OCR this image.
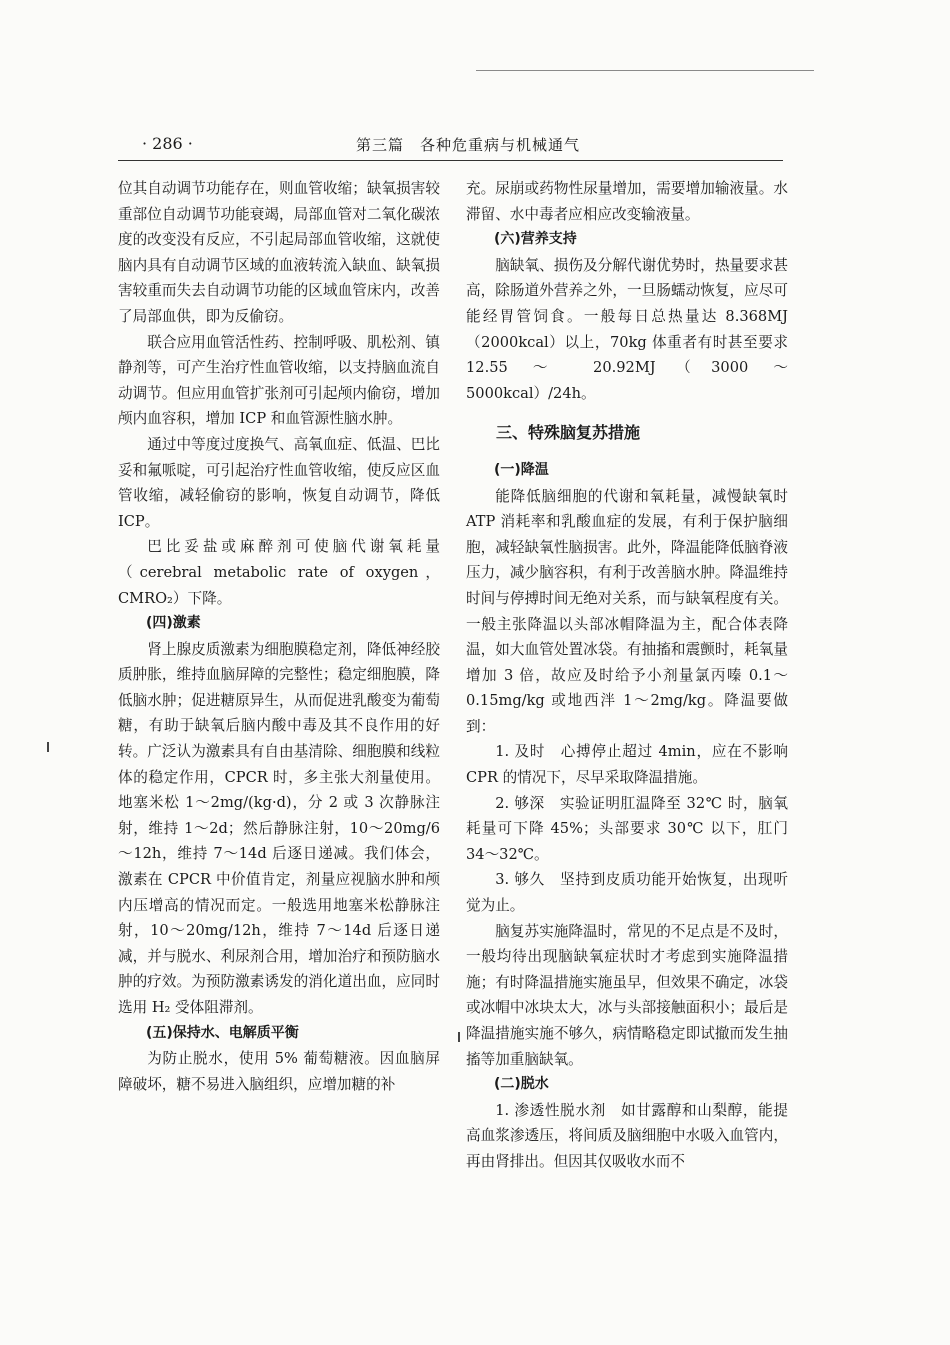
· 286 ·	第三篇　各种危重病与机械通气

位其自动调节功能存在，则血管收缩；缺氧损害较重部位自动调节功能衰竭，局部血管对二氧化碳浓度的改变没有反应，不引起局部血管收缩，这就使脑内具有自动调节区域的血液转流入缺血、缺氧损害较重而失去自动调节功能的区域血管床内，改善了局部血供，即为反偷窃。

联合应用血管活性药、控制呼吸、肌松剂、镇静剂等，可产生治疗性血管收缩，以支持脑血流自动调节。但应用血管扩张剂可引起颅内偷窃，增加颅内血容积，增加 ICP 和血管源性脑水肿。

通过中等度过度换气、高氧血症、低温、巴比妥和氟哌啶，可引起治疗性血管收缩，使反应区血管收缩，减轻偷窃的影响，恢复自动调节，降低 ICP。

巴比妥盐或麻醉剂可使脑代谢氧耗量（cerebral metabolic rate of oxygen，CMRO₂）下降。

(四)激素

肾上腺皮质激素为细胞膜稳定剂，降低神经胶质肿胀，维持血脑屏障的完整性；稳定细胞膜，降低脑水肿；促进糖原异生，从而促进乳酸变为葡萄糖，有助于缺氧后脑内酸中毒及其不良作用的好转。广泛认为激素具有自由基清除、细胞膜和线粒体的稳定作用，CPCR 时，多主张大剂量使用。地塞米松 1～2mg/(kg·d)，分 2 或 3 次静脉注射，维持 1～2d；然后静脉注射，10～20mg/6～12h，维持 7～14d 后逐日递减。我们体会，激素在 CPCR 中价值肯定，剂量应视脑水肿和颅内压增高的情况而定。一般选用地塞米松静脉注射，10～20mg/12h，维持 7～14d 后逐日递减，并与脱水、利尿剂合用，增加治疗和预防脑水肿的疗效。为预防激素诱发的消化道出血，应同时选用 H₂ 受体阻滞剂。

(五)保持水、电解质平衡

为防止脱水，使用 5% 葡萄糖液。因血脑屏障破坏，糖不易进入脑组织，应增加糖的补

充。尿崩或药物性尿量增加，需要增加输液量。水滞留、水中毒者应相应改变输液量。

(六)营养支持

脑缺氧、损伤及分解代谢优势时，热量要求甚高，除肠道外营养之外，一旦肠蠕动恢复，应尽可能经胃管饲食。一般每日总热量达 8.368MJ（2000kcal）以上，70kg 体重者有时甚至要求 12.55 ～ 20.92MJ（3000 ～ 5000kcal）/24h。

三、特殊脑复苏措施
(一)降温

能降低脑细胞的代谢和氧耗量，减慢缺氧时 ATP 消耗率和乳酸血症的发展，有利于保护脑细胞，减轻缺氧性脑损害。此外，降温能降低脑脊液压力，减少脑容积，有利于改善脑水肿。降温维持时间与停搏时间无绝对关系，而与缺氧程度有关。一般主张降温以头部冰帽降温为主，配合体表降温，如大血管处置冰袋。有抽搐和震颤时，耗氧量增加 3 倍，故应及时给予小剂量氯丙嗪 0.1～0.15mg/kg 或地西泮 1～2mg/kg。降温要做到：

1. 及时　心搏停止超过 4min，应在不影响 CPR 的情况下，尽早采取降温措施。

2. 够深　实验证明肛温降至 32℃ 时，脑氧耗量可下降 45%；头部要求 30℃ 以下，肛门 34～32℃。

3. 够久　坚持到皮质功能开始恢复，出现听觉为止。

脑复苏实施降温时，常见的不足点是不及时，一般均待出现脑缺氧症状时才考虑到实施降温措施；有时降温措施实施虽早，但效果不确定，冰袋或冰帽中冰块太大，冰与头部接触面积小；最后是降温措施实施不够久，病情略稳定即试撤而发生抽搐等加重脑缺氧。

(二)脱水

1. 渗透性脱水剂　如甘露醇和山梨醇，能提高血浆渗透压，将间质及脑细胞中水吸入血管内，再由肾排出。但因其仅吸收水而不
